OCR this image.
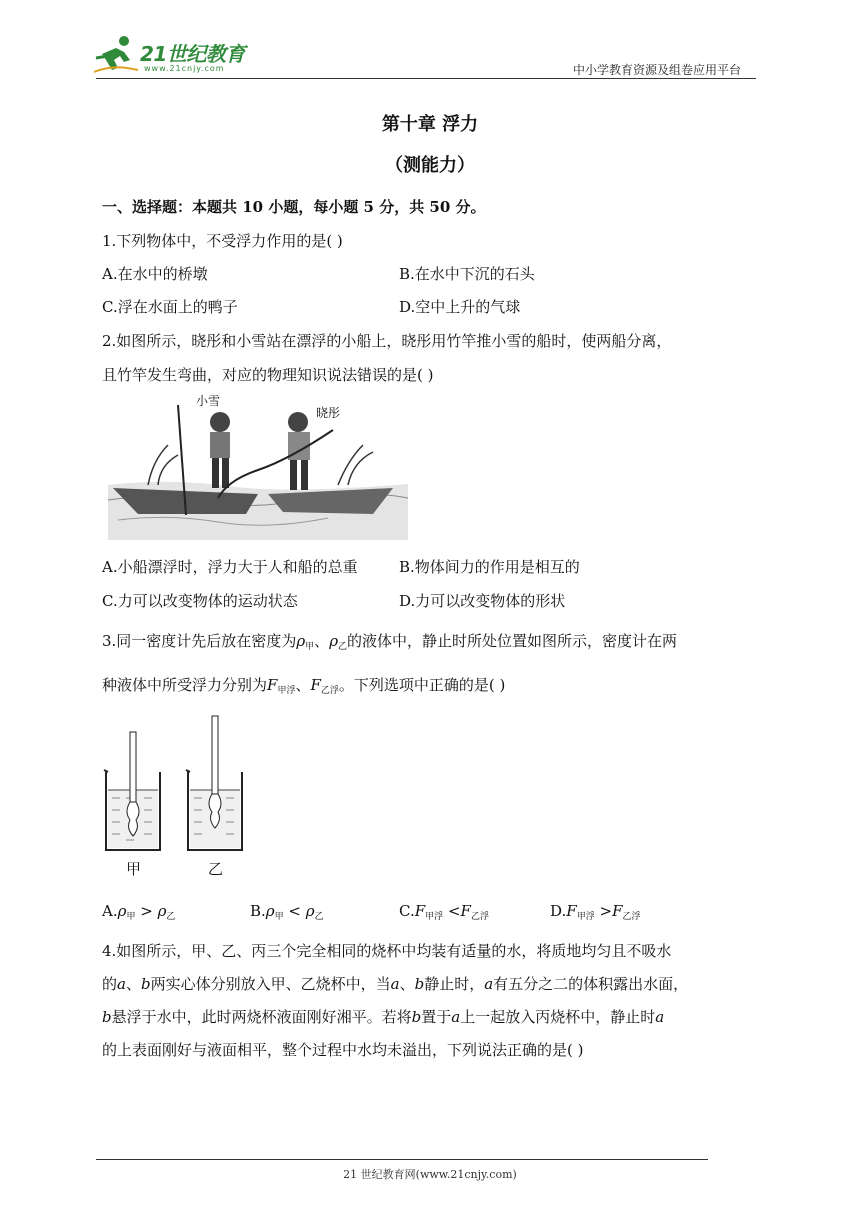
21世纪教育
www.21cnjy.com	中小学教育资源及组卷应用平台
第十章 浮力
（测能力）
一、选择题：本题共 10 小题，每小题 5 分，共 50 分。
1.下列物体中，不受浮力作用的是( )
A.在水中的桥墩	B.在水中下沉的石头
C.浮在水面上的鸭子	D.空中上升的气球
2.如图所示，晓彤和小雪站在漂浮的小船上，晓彤用竹竿推小雪的船时，使两船分离，
且竹竿发生弯曲，对应的物理知识说法错误的是( )
小雪
晓彤
A.小船漂浮时，浮力大于人和船的总重	B.物体间力的作用是相互的
C.力可以改变物体的运动状态	D.力可以改变物体的形状
3.同一密度计先后放在密度为$\rho_甲$、$\rho_乙$的液体中，静止时所处位置如图所示，密度计在两
种液体中所受浮力分别为$F_{甲浮}$、$F_{乙浮}$。下列选项中正确的是( )
甲	乙
$A.\rho_甲 > \rho_乙$	$B.\rho_甲 < \rho_乙$	$C.F_{甲浮} <F_{乙浮}$	$D.F_{甲浮} >F_{乙浮}$
4.如图所示，甲、乙、丙三个完全相同的烧杯中均装有适量的水，将质地均匀且不吸水
的a、b两实心体分别放入甲、乙烧杯中，当a、b静止时，a有五分之二的体积露出水面，
b悬浮于水中，此时两烧杯液面刚好湘平。若将b置于a上一起放入丙烧杯中，静止时a
的上表面刚好与液面相平，整个过程中水均未溢出，下列说法正确的是( )
21 世纪教育网(www.21cnjy.com)
